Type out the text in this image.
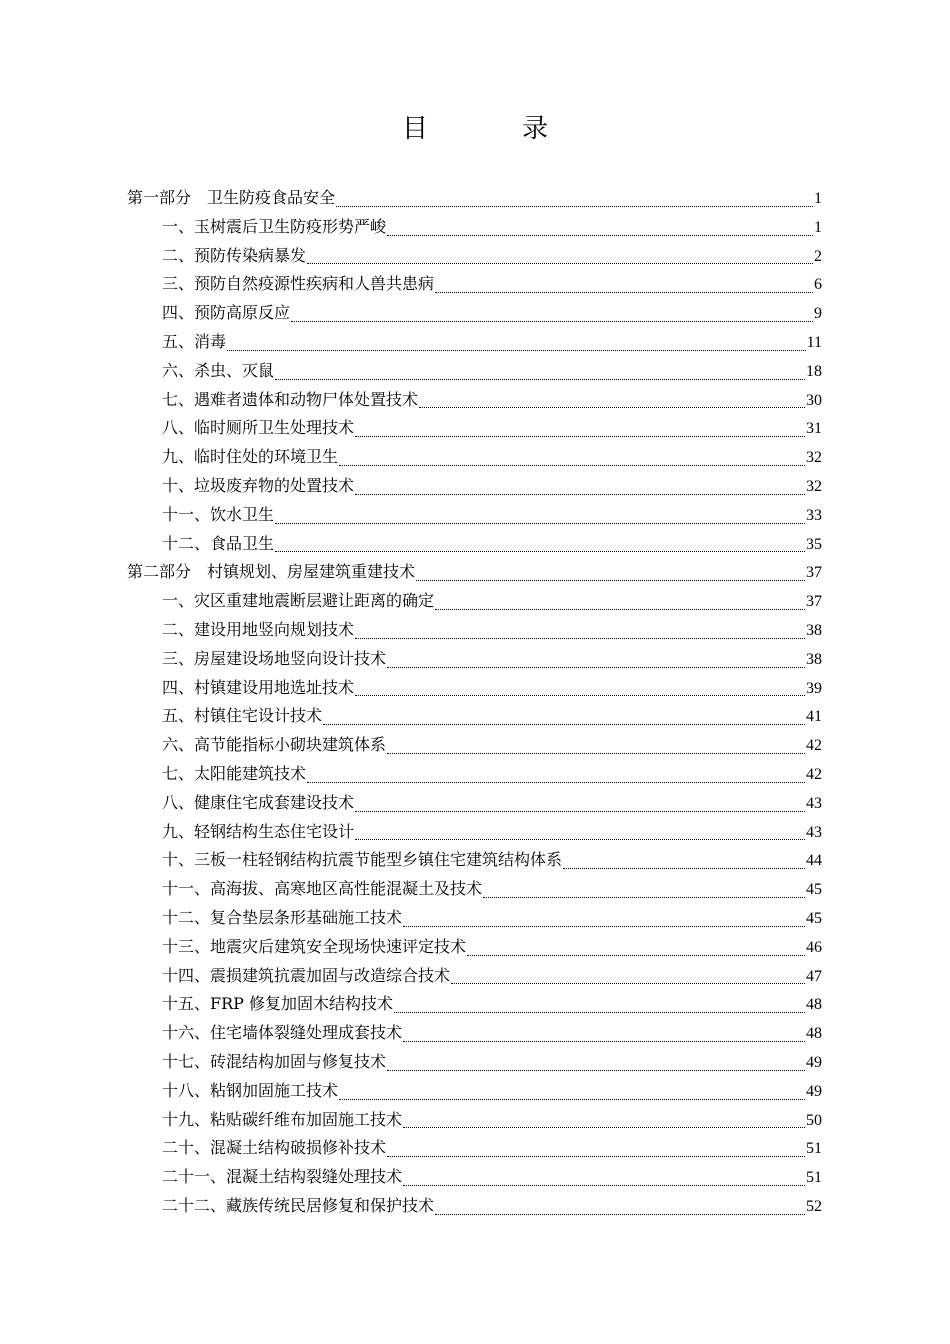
目　录
第一部分　卫生防疫食品安全	1
一、玉树震后卫生防疫形势严峻	1
二、预防传染病暴发	2
三、预防自然疫源性疾病和人兽共患病	6
四、预防高原反应	9
五、消毒	11
六、杀虫、灭鼠	18
七、遇难者遗体和动物尸体处置技术	30
八、临时厕所卫生处理技术	31
九、临时住处的环境卫生	32
十、垃圾废弃物的处置技术	32
十一、饮水卫生	33
十二、食品卫生	35
第二部分　村镇规划、房屋建筑重建技术	37
一、灾区重建地震断层避让距离的确定	37
二、建设用地竖向规划技术	38
三、房屋建设场地竖向设计技术	38
四、村镇建设用地选址技术	39
五、村镇住宅设计技术	41
六、高节能指标小砌块建筑体系	42
七、太阳能建筑技术	42
八、健康住宅成套建设技术	43
九、轻钢结构生态住宅设计	43
十、三板一柱轻钢结构抗震节能型乡镇住宅建筑结构体系	44
十一、高海拔、高寒地区高性能混凝土及技术	45
十二、复合垫层条形基础施工技术	45
十三、地震灾后建筑安全现场快速评定技术	46
十四、震损建筑抗震加固与改造综合技术	47
十五、FRP 修复加固木结构技术	48
十六、住宅墙体裂缝处理成套技术	48
十七、砖混结构加固与修复技术	49
十八、粘钢加固施工技术	49
十九、粘贴碳纤维布加固施工技术	50
二十、混凝土结构破损修补技术	51
二十一、混凝土结构裂缝处理技术	51
二十二、藏族传统民居修复和保护技术	52
